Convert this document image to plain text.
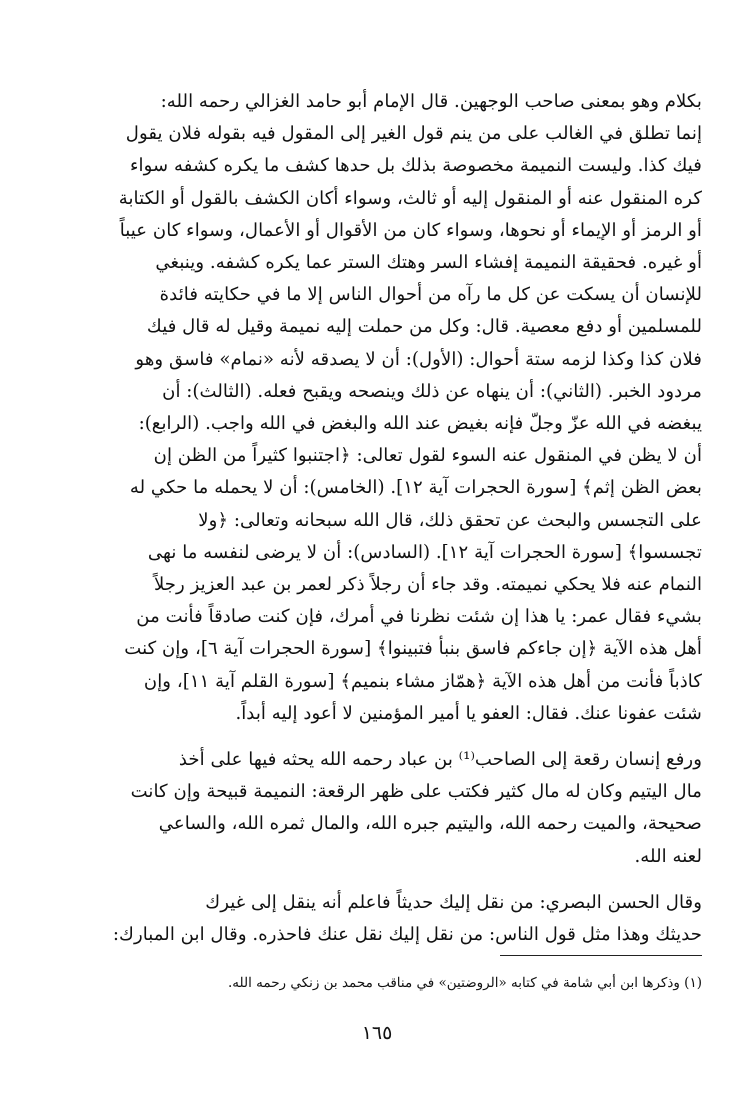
بكلام وهو بمعنى صاحب الوجهين. قال الإمام أبو حامد الغزالي رحمه الله:
إنما تطلق في الغالب على من ينم قول الغير إلى المقول فيه بقوله فلان يقول
فيك كذا. وليست النميمة مخصوصة بذلك بل حدها كشف ما يكره كشفه سواء
كره المنقول عنه أو المنقول إليه أو ثالث، وسواء أكان الكشف بالقول أو الكتابة
أو الرمز أو الإيماء أو نحوها، وسواء كان من الأقوال أو الأعمال، وسواء كان عيباً
أو غيره. فحقيقة النميمة إفشاء السر وهتك الستر عما يكره كشفه. وينبغي
للإنسان أن يسكت عن كل ما رآه من أحوال الناس إلا ما في حكايته فائدة
للمسلمين أو دفع معصية. قال: وكل من حملت إليه نميمة وقيل له قال فيك
فلان كذا وكذا لزمه ستة أحوال: (الأول): أن لا يصدقه لأنه «نمام» فاسق وهو
مردود الخبر. (الثاني): أن ينهاه عن ذلك وينصحه ويقبح فعله. (الثالث): أن
يبغضه في الله عزّ وجلّ فإنه بغيض عند الله والبغض في الله واجب. (الرابع):
أن لا يظن في المنقول عنه السوء لقول تعالى: ﴿اجتنبوا كثيراً من الظن إن
بعض الظن إثم﴾ [سورة الحجرات آية ١٢]. (الخامس): أن لا يحمله ما حكي له
على التجسس والبحث عن تحقق ذلك، قال الله سبحانه وتعالى: ﴿ولا
تجسسوا﴾ [سورة الحجرات آية ١٢]. (السادس): أن لا يرضى لنفسه ما نهى
النمام عنه فلا يحكي نميمته. وقد جاء أن رجلاً ذكر لعمر بن عبد العزيز رجلاً
بشيء فقال عمر: يا هذا إن شئت نظرنا في أمرك، فإن كنت صادقاً فأنت من
أهل هذه الآية ﴿إن جاءكم فاسق بنبأ فتبينوا﴾ [سورة الحجرات آية ٦]، وإن كنت
كاذباً فأنت من أهل هذه الآية ﴿همّاز مشاء بنميم﴾ [سورة القلم آية ١١]، وإن
شئت عفونا عنك. فقال: العفو يا أمير المؤمنين لا أعود إليه أبداً.

ورفع إنسان رقعة إلى الصاحب⁽¹⁾ بن عباد رحمه الله يحثه فيها على أخذ
مال اليتيم وكان له مال كثير فكتب على ظهر الرقعة: النميمة قبيحة وإن كانت
صحيحة، والميت رحمه الله، واليتيم جبره الله، والمال ثمره الله، والساعي
لعنه الله.

وقال الحسن البصري: من نقل إليك حديثاً فاعلم أنه ينقل إلى غيرك
حديثك وهذا مثل قول الناس: من نقل إليك نقل عنك فاحذره. وقال ابن المبارك:

(١) وذكرها ابن أبي شامة في كتابه «الروضتين» في مناقب محمد بن زنكي رحمه الله.
١٦٥
